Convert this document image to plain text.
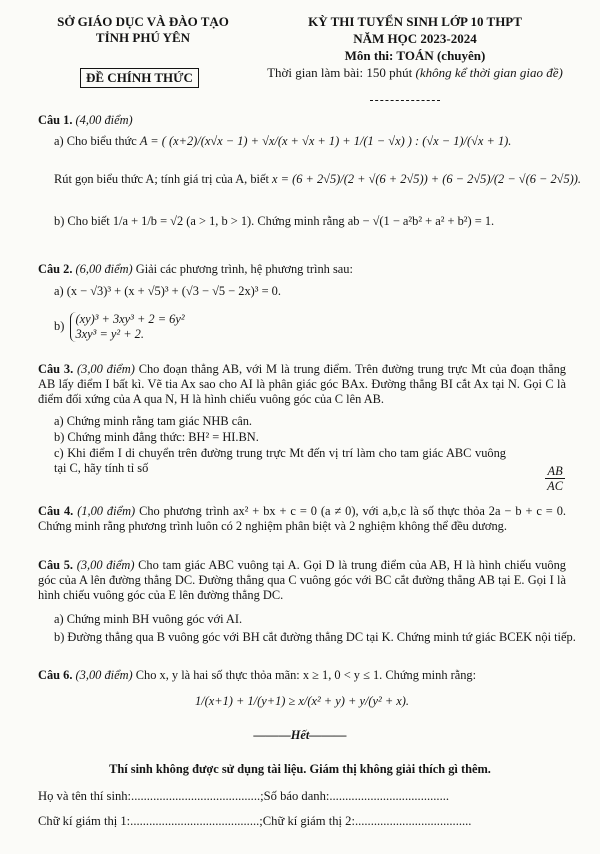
SỞ GIÁO DỤC VÀ ĐÀO TẠO
TỈNH PHÚ YÊN
ĐỀ CHÍNH THỨC
KỲ THI TUYỂN SINH LỚP 10 THPT
NĂM HỌC 2023-2024
Môn thi: TOÁN (chuyên)
Thời gian làm bài: 150 phút (không kể thời gian giao đề)
Câu 1. (4,00 điểm)
a) Cho biểu thức A = ( (x+2)/(x√x − 1) + √x/(x + √x + 1) + 1/(1 − √x) ) : (√x − 1)/(√x + 1).
Rút gọn biểu thức A; tính giá trị của A, biết x = (6 + 2√5)/(2 + √(6 + 2√5)) + (6 − 2√5)/(2 − √(6 − 2√5)).
b) Cho biết 1/a + 1/b = √2 (a > 1, b > 1). Chứng minh rằng ab − √(1 − a²b² + a² + b²) = 1.
Câu 2. (6,00 điểm) Giải các phương trình, hệ phương trình sau:
a) (x − √3)³ + (x + √5)³ + (√3 − √5 − 2x)³ = 0.
b) (xy)³ + 3xy³ + 2 = 6y²
3xy³ = y² + 2.
Câu 3. (3,00 điểm) Cho đoạn thẳng AB, với M là trung điểm. Trên đường trung trực Mt của đoạn thẳng AB lấy điểm I bất kì. Vẽ tia Ax sao cho AI là phân giác góc BAx. Đường thẳng BI cắt Ax tại N. Gọi C là điểm đối xứng của A qua N, H là hình chiếu vuông góc của C lên AB.
a) Chứng minh rằng tam giác NHB cân.
b) Chứng minh đẳng thức: BH² = HI.BN.
c) Khi điểm I di chuyển trên đường trung trực Mt đến vị trí làm cho tam giác ABC vuông tại C, hãy tính tỉ số	$\frac{AB}{AC}$
Câu 4. (1,00 điểm) Cho phương trình ax² + bx + c = 0 (a ≠ 0), với a,b,c là số thực thỏa 2a − b + c = 0. Chứng minh rằng phương trình luôn có 2 nghiệm phân biệt và 2 nghiệm không thể đều dương.
Câu 5. (3,00 điểm) Cho tam giác ABC vuông tại A. Gọi D là trung điểm của AB, H là hình chiếu vuông góc của A lên đường thẳng DC. Đường thẳng qua C vuông góc với BC cắt đường thẳng AB tại E. Gọi I là hình chiếu vuông góc của E lên đường thẳng DC.
a) Chứng minh BH vuông góc với AI.
b) Đường thẳng qua B vuông góc với BH cắt đường thẳng DC tại K. Chứng minh tứ giác BCEK nội tiếp.
Câu 6. (3,00 điểm) Cho x, y là hai số thực thỏa mãn: x ≥ 1, 0 < y ≤ 1. Chứng minh rằng:
1/(x+1) + 1/(y+1) ≥ x/(x² + y) + y/(y² + x).
———Hết———
Thí sinh không được sử dụng tài liệu. Giám thị không giải thích gì thêm.
Họ và tên thí sinh:.........................................;Số báo danh:......................................
Chữ kí giám thị 1:.........................................;Chữ kí giám thị 2:.....................................
